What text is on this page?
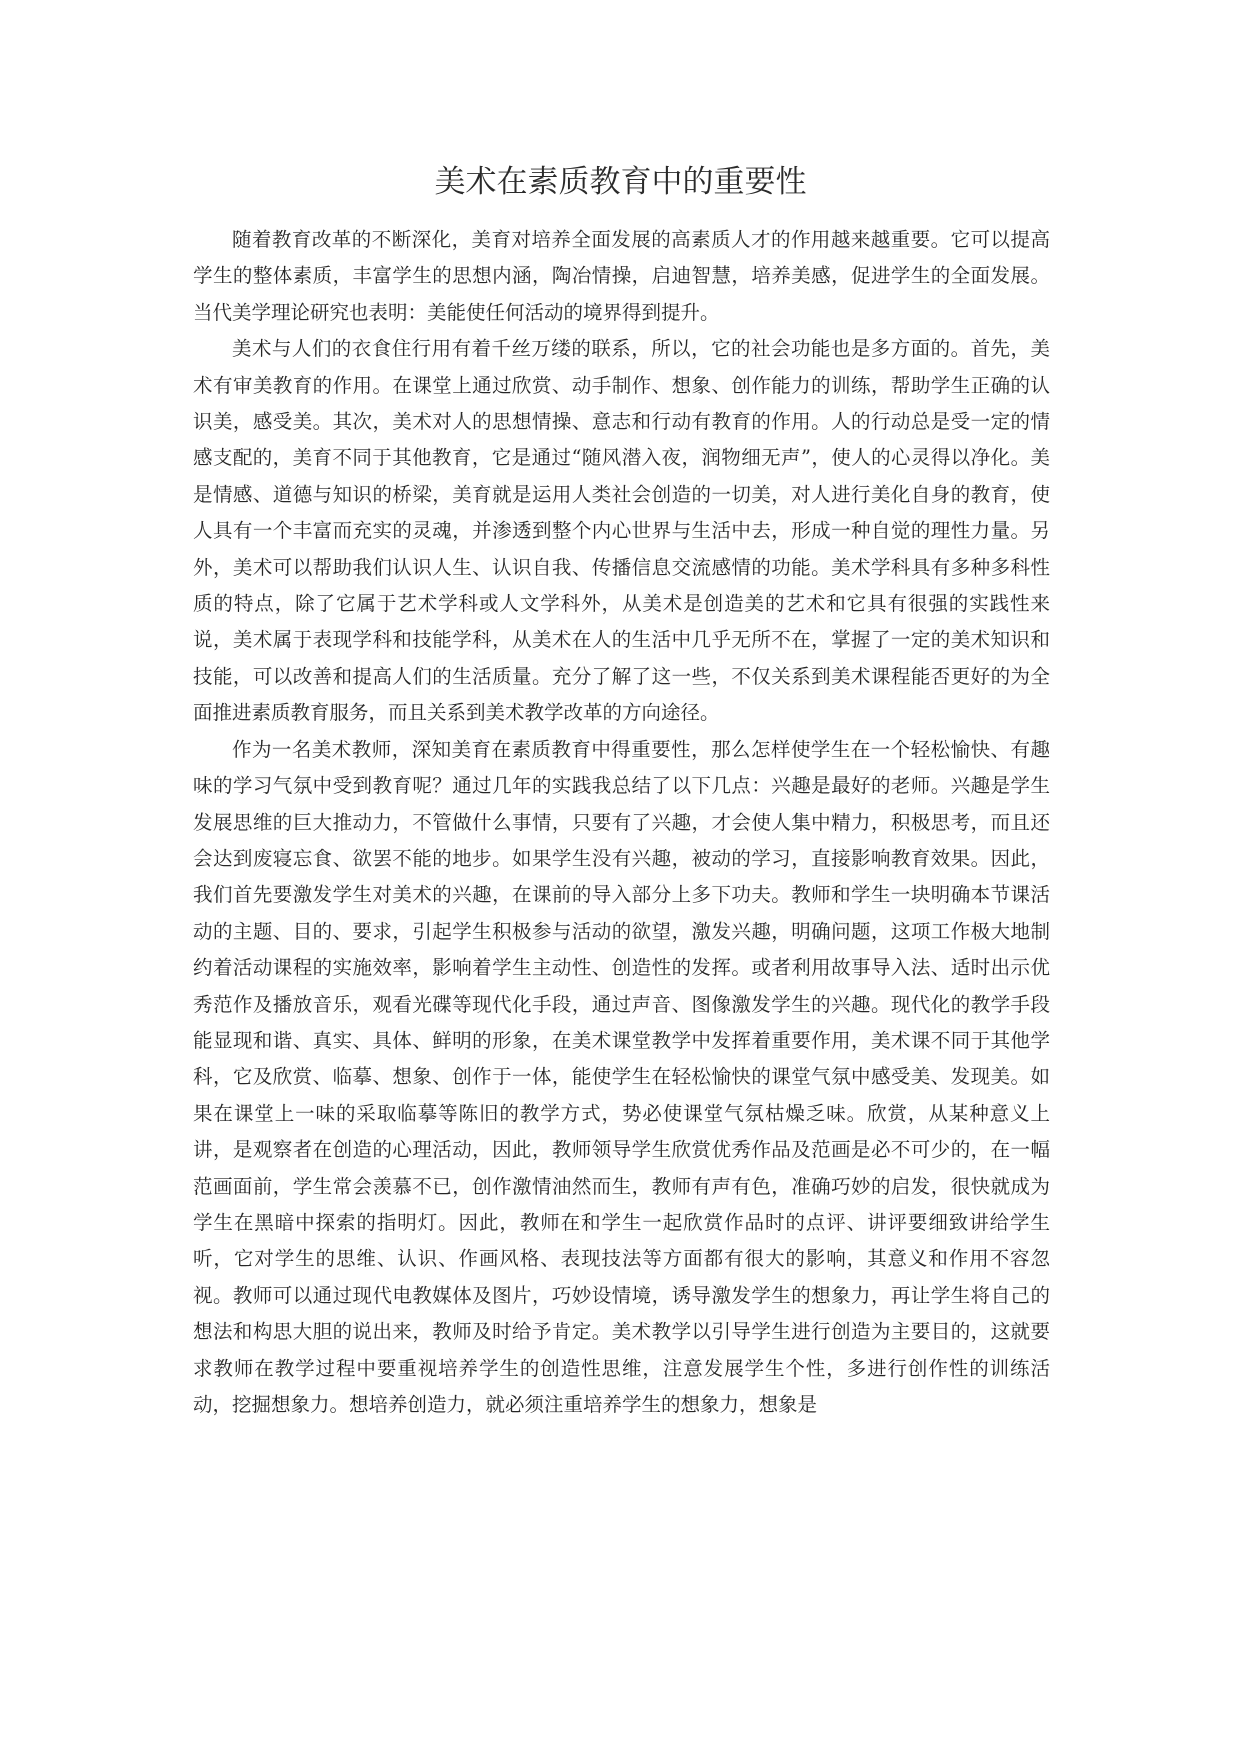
美术在素质教育中的重要性

随着教育改革的不断深化，美育对培养全面发展的高素质人才的作用越来越重要。它可以提高学生的整体素质，丰富学生的思想内涵，陶冶情操，启迪智慧，培养美感，促进学生的全面发展。当代美学理论研究也表明：美能使任何活动的境界得到提升。

美术与人们的衣食住行用有着千丝万缕的联系，所以，它的社会功能也是多方面的。首先，美术有审美教育的作用。在课堂上通过欣赏、动手制作、想象、创作能力的训练，帮助学生正确的认识美，感受美。其次，美术对人的思想情操、意志和行动有教育的作用。人的行动总是受一定的情感支配的，美育不同于其他教育，它是通过“随风潜入夜，润物细无声”，使人的心灵得以净化。美是情感、道德与知识的桥梁，美育就是运用人类社会创造的一切美，对人进行美化自身的教育，使人具有一个丰富而充实的灵魂，并渗透到整个内心世界与生活中去，形成一种自觉的理性力量。另外，美术可以帮助我们认识人生、认识自我、传播信息交流感情的功能。美术学科具有多种多科性质的特点，除了它属于艺术学科或人文学科外，从美术是创造美的艺术和它具有很强的实践性来说，美术属于表现学科和技能学科，从美术在人的生活中几乎无所不在，掌握了一定的美术知识和技能，可以改善和提高人们的生活质量。充分了解了这一些，不仅关系到美术课程能否更好的为全面推进素质教育服务，而且关系到美术教学改革的方向途径。

作为一名美术教师，深知美育在素质教育中得重要性，那么怎样使学生在一个轻松愉快、有趣味的学习气氛中受到教育呢？通过几年的实践我总结了以下几点：兴趣是最好的老师。兴趣是学生发展思维的巨大推动力，不管做什么事情，只要有了兴趣，才会使人集中精力，积极思考，而且还会达到废寝忘食、欲罢不能的地步。如果学生没有兴趣，被动的学习，直接影响教育效果。因此，我们首先要激发学生对美术的兴趣，在课前的导入部分上多下功夫。教师和学生一块明确本节课活动的主题、目的、要求，引起学生积极参与活动的欲望，激发兴趣，明确问题，这项工作极大地制约着活动课程的实施效率，影响着学生主动性、创造性的发挥。或者利用故事导入法、适时出示优秀范作及播放音乐，观看光碟等现代化手段，通过声音、图像激发学生的兴趣。现代化的教学手段能显现和谐、真实、具体、鲜明的形象，在美术课堂教学中发挥着重要作用，美术课不同于其他学科，它及欣赏、临摹、想象、创作于一体，能使学生在轻松愉快的课堂气氛中感受美、发现美。如果在课堂上一味的采取临摹等陈旧的教学方式，势必使课堂气氛枯燥乏味。欣赏，从某种意义上讲，是观察者在创造的心理活动，因此，教师领导学生欣赏优秀作品及范画是必不可少的，在一幅范画面前，学生常会羡慕不已，创作激情油然而生，教师有声有色，准确巧妙的启发，很快就成为学生在黑暗中探索的指明灯。因此，教师在和学生一起欣赏作品时的点评、讲评要细致讲给学生听，它对学生的思维、认识、作画风格、表现技法等方面都有很大的影响，其意义和作用不容忽视。教师可以通过现代电教媒体及图片，巧妙设情境，诱导激发学生的想象力，再让学生将自己的想法和构思大胆的说出来，教师及时给予肯定。美术教学以引导学生进行创造为主要目的，这就要求教师在教学过程中要重视培养学生的创造性思维，注意发展学生个性，多进行创作性的训练活动，挖掘想象力。想培养创造力，就必须注重培养学生的想象力，想象是
